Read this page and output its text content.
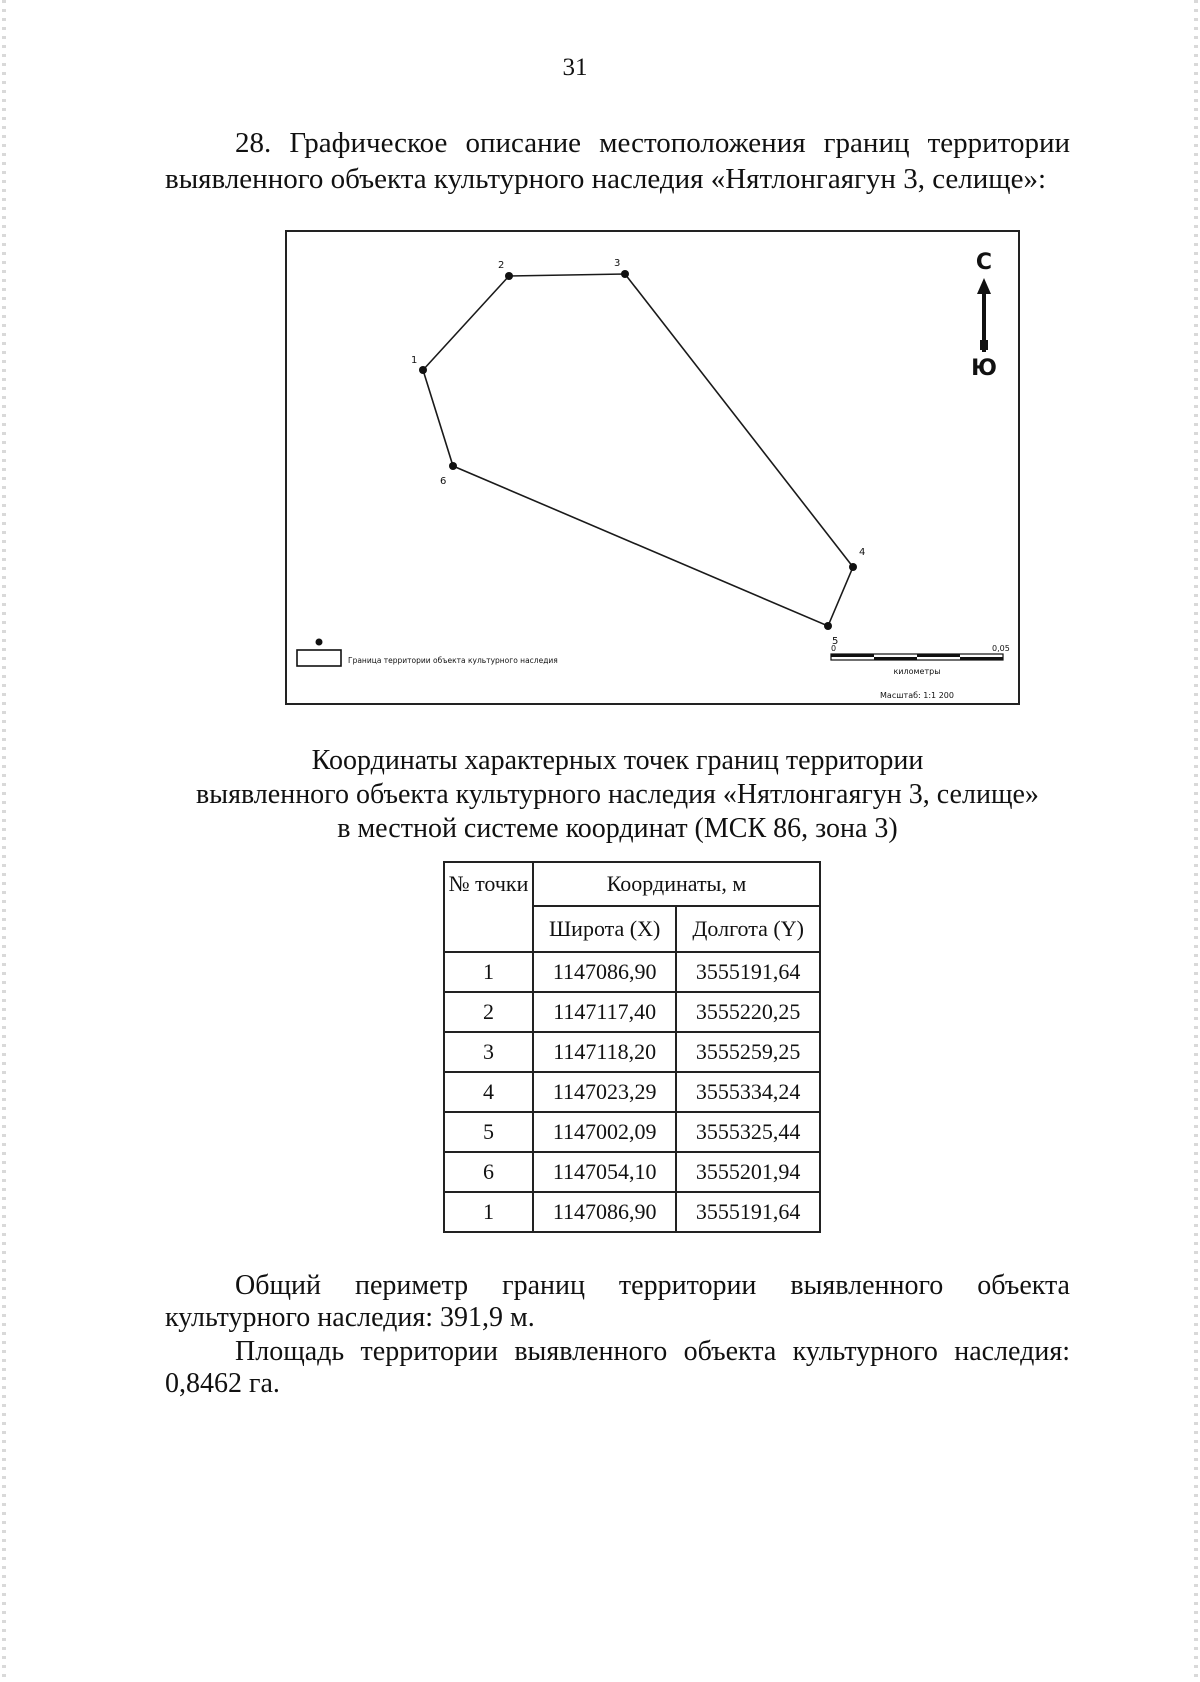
31
28. Графическое описание местоположения границ территории
выявленного объекта культурного наследия «Нятлонгаягун 3, селище»:
1
2	3
4
5
6
С
Ю
Граница территории объекта культурного наследия
0	0,05
километры
Масштаб: 1:1 200
Координаты характерных точек границ территории
выявленного объекта культурного наследия «Нятлонгаягун 3, селище»
в местной системе координат (МСК 86, зона 3)
№ точки	Координаты, м	
	Широта (X)	Долгота (Y)
1	1147086,90	3555191,64
2	1147117,40	3555220,25
3	1147118,20	3555259,25
4	1147023,29	3555334,24
5	1147002,09	3555325,44
6	1147054,10	3555201,94
1	1147086,90	3555191,64

Общий периметр границ территории выявленного объекта
культурного наследия: 391,9 м.

Площадь территории выявленного объекта культурного наследия:
0,8462 га.
